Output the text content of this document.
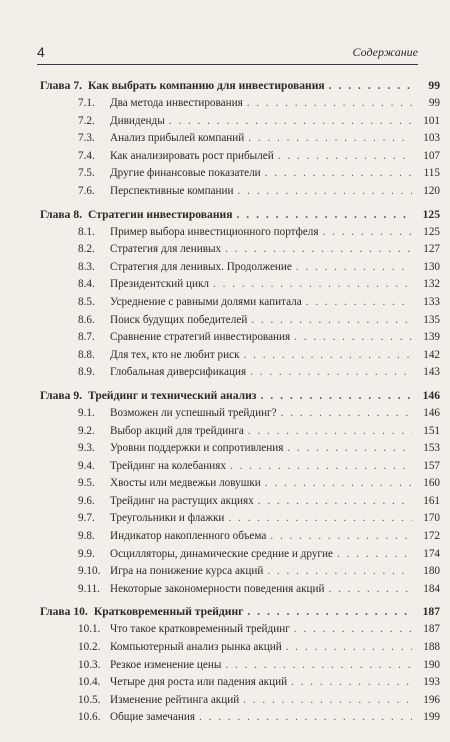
4	Содержание
Глава 7. Как выбрать компанию для инвестирования . . .	99
7.1.	Два метода инвестирования . . .	99
7.2.	Дивиденды . . .	101
7.3.	Анализ прибылей компаний . . .	103
7.4.	Как анализировать рост прибылей . . .	107
7.5.	Другие финансовые показатели . . .	115
7.6.	Перспективные компании . . .	120
Глава 8. Стратегии инвестирования . . .	125
8.1.	Пример выбора инвестиционного портфеля . . .	125
8.2.	Стратегия для ленивых . . .	127
8.3.	Стратегия для ленивых. Продолжение . . .	130
8.4.	Президентский цикл . . .	132
8.5.	Усреднение с равными долями капитала . . .	133
8.6.	Поиск будущих победителей . . .	135
8.7.	Сравнение стратегий инвестирования . . .	139
8.8.	Для тех, кто не любит риск . . .	142
8.9.	Глобальная диверсификация . . .	143
Глава 9. Трейдинг и технический анализ . . .	146
9.1.	Возможен ли успешный трейдинг? . . .	146
9.2.	Выбор акций для трейдинга . . .	151
9.3.	Уровни поддержки и сопротивления . . .	153
9.4.	Трейдинг на колебаниях . . .	157
9.5.	Хвосты или медвежьи ловушки . . .	160
9.6.	Трейдинг на растущих акциях . . .	161
9.7.	Треугольники и флажки . . .	170
9.8.	Индикатор накопленного объема . . .	172
9.9.	Осцилляторы, динамические средние и другие . . .	174
9.10. Игра на понижение курса акций . . .	180
9.11. Некоторые закономерности поведения акций . . .	184
Глава 10. Кратковременный трейдинг . . .	187
10.1. Что такое кратковременный трейдинг . . .	187
10.2. Компьютерный анализ рынка акций . . .	188
10.3. Резкое изменение цены . . .	190
10.4. Четыре дня роста или падения акций . . .	193
10.5. Изменение рейтинга акций . . .	196
10.6. Общие замечания . . .	199
